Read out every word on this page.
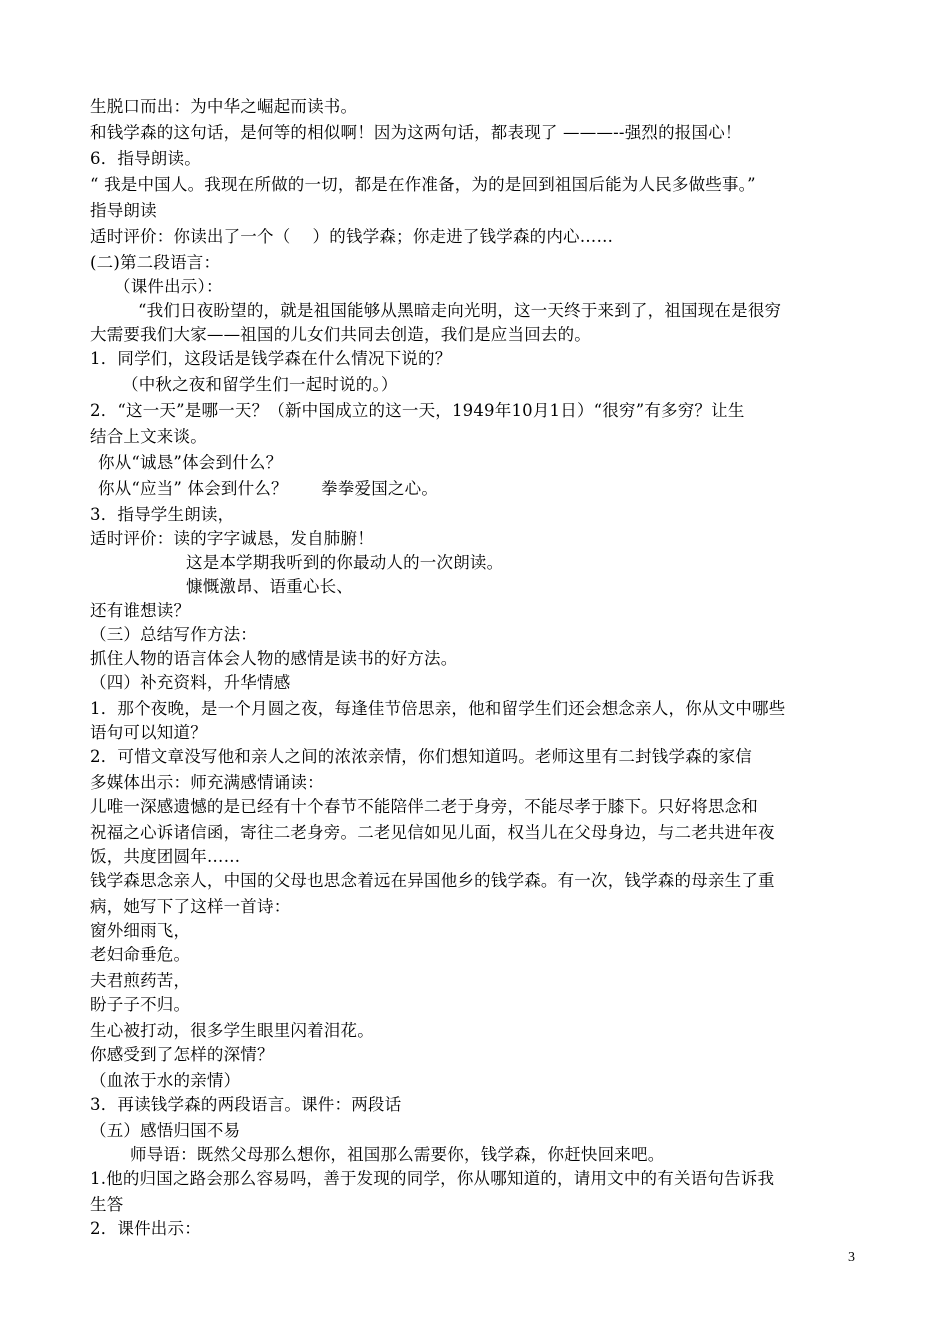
生脱口而出：为中华之崛起而读书。
和钱学森的这句话，是何等的相似啊！因为这两句话，都表现了 ———--强烈的报国心！
6．指导朗读。
“ 我是中国人。我现在所做的一切，都是在作准备，为的是回到祖国后能为人民多做些事。”
指导朗读
适时评价：你读出了一个（　 ）的钱学森；你走进了钱学森的内心……
(二)第二段语言：
（课件出示）：
“我们日夜盼望的，就是祖国能够从黑暗走向光明，这一天终于来到了，祖国现在是很穷
大需要我们大家——祖国的儿女们共同去创造，我们是应当回去的。
1．同学们，这段话是钱学森在什么情况下说的？
（中秋之夜和留学生们一起时说的。）
2．“这一天”是哪一天？（新中国成立的这一天，1949年10月1日）“很穷”有多穷？让生
结合上文来谈。
你从“诚恳”体会到什么？
你从“应当” 体会到什么？　　拳拳爱国之心。
3．指导学生朗读，
适时评价：读的字字诚恳，发自肺腑！
这是本学期我听到的你最动人的一次朗读。
慷慨激昂、语重心长、
还有谁想读？
（三）总结写作方法：
抓住人物的语言体会人物的感情是读书的好方法。
（四）补充资料，升华情感
1．那个夜晚，是一个月圆之夜，每逢佳节倍思亲，他和留学生们还会想念亲人，你从文中哪些
语句可以知道？
2．可惜文章没写他和亲人之间的浓浓亲情，你们想知道吗。老师这里有二封钱学森的家信
多媒体出示：师充满感情诵读：
儿唯一深感遗憾的是已经有十个春节不能陪伴二老于身旁，不能尽孝于膝下。只好将思念和
祝福之心诉诸信函，寄往二老身旁。二老见信如见儿面，权当儿在父母身边，与二老共进年夜
饭，共度团圆年……
钱学森思念亲人，中国的父母也思念着远在异国他乡的钱学森。有一次，钱学森的母亲生了重
病，她写下了这样一首诗：
窗外细雨飞，
老妇命垂危。
夫君煎药苦，
盼子子不归。
生心被打动，很多学生眼里闪着泪花。
你感受到了怎样的深情？
（血浓于水的亲情）
3．再读钱学森的两段语言。课件：两段话
（五）感悟归国不易
师导语：既然父母那么想你，祖国那么需要你，钱学森，你赶快回来吧。
1.他的归国之路会那么容易吗，善于发现的同学，你从哪知道的，请用文中的有关语句告诉我
生答
2．课件出示：
3
